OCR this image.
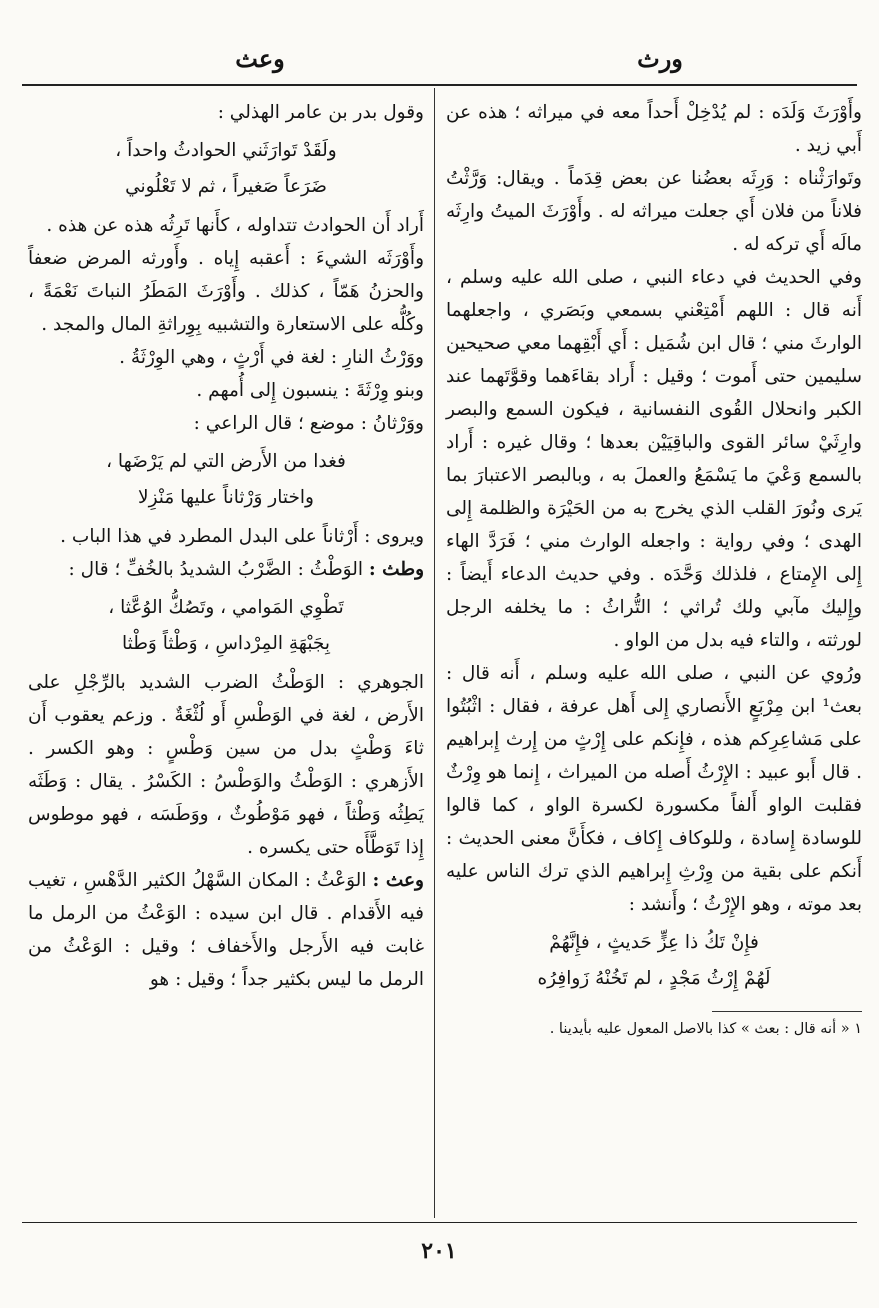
ورث
وعث

وأَوْرَثَ وَلَدَه : لم يُدْخِلْ أَحداً معه في ميراثه ؛ هذه عن أَبي زيد .

وتَوارَثْناه : وَرِثَه بعضُنا عن بعض قِدَماً . ويقال: وَرَّثْتُ فلاناً من فلان أَي جعلت ميراثه له . وأَوْرَثَ الميتُ وارِثَه مالَه أَي تركه له .

وفي الحديث في دعاء النبي ، صلى الله عليه وسلم ، أَنه قال : اللهم أَمْتِعْني بسمعي وبَصَري ، واجعلهما الوارثَ مني ؛ قال ابن شُمَيل : أَي أَبْقِهما معي صحيحين سليمين حتى أَموت ؛ وقيل : أَراد بقاءَهما وقوَّتَهما عند الكبر وانحلال القُوى النفسانية ، فيكون السمع والبصر وارِثَيْ سائر القوى والباقِيَيْن بعدها ؛ وقال غيره : أَراد بالسمع وَعْيَ ما يَسْمَعُ والعملَ به ، وبالبصر الاعتبارَ بما يَرى ونُورَ القلب الذي يخرج به من الحَيْرَة والظلمة إِلى الهدى ؛ وفي رواية : واجعله الوارث مني ؛ فَرَدَّ الهاء إِلى الإِمتاع ، فلذلك وَحَّدَه . وفي حديث الدعاء أَيضاً : وإِليك مآبي ولك تُراثي ؛ التُّراثُ : ما يخلفه الرجل لورثته ، والتاء فيه بدل من الواو .

ورُوي عن النبي ، صلى الله عليه وسلم ، أَنه قال : بعث¹ ابن مِرْبَعٍ الأَنصاري إِلى أَهل عرفة ، فقال : اثْبُتُوا على مَشاعِرِكم هذه ، فإِنكم على إِرْثٍ من إِرث إِبراهيم . قال أَبو عبيد : الإِرْثُ أَصله من الميراث ، إِنما هو وِرْثٌ فقلبت الواو أَلفاً مكسورة لكسرة الواو ، كما قالوا للوسادة إِسادة ، وللوكاف إِكاف ، فكأَنَّ معنى الحديث : أَنكم على بقية من وِرْثِ إِبراهيم الذي ترك الناس عليه بعد موته ، وهو الإِرْثُ ؛ وأَنشد :

فإِنْ تَكُ ذا عِزٍّ حَديثٍ ، فإِنَّهُمْ
لَهُمْ إِرْثُ مَجْدٍ ، لم تَخُنْهُ زَوافِرُه

١ « أنه قال : بعث » كذا بالاصل المعول عليه بأيدينا .

وقول بدر بن عامر الهذلي :

ولَقَدْ تَوارَثَني الحوادثُ واحداً ،
ضَرَعاً صَغيراً ، ثم لا تَعْلُوني

أَراد أَن الحوادث تتداوله ، كأَنها تَرِثُه هذه عن هذه .

وأَوْرَثَه الشيءَ : أَعقبه إِياه . وأَورثه المرض ضعفاً والحزنُ هَمّاً ، كذلك . وأَوْرَثَ المَطَرُ النباتَ نَعْمَةً ، وكُلُّه على الاستعارة والتشبيه بِوِراثةِ المال والمجد .

ووَرْثُ النارِ : لغة في أَرْثٍ ، وهي الوِرْثَةُ .

وبنو وِرْثَةَ : ينسبون إِلى أُمهم .

ووَرْثانُ : موضع ؛ قال الراعي :

فغدا من الأَرض التي لم يَرْضَها ،
واختار وَرْثاناً عليها مَنْزِلا

ويروى : أَرْثاناً على البدل المطرد في هذا الباب .

وطث : الوَطْثُ : الضَّرْبُ الشديدُ بالخُفِّ ؛ قال :

تَطْوِي المَوامي ، وتَصُكُّ الوُعَّثا ،
بِجَبْهَةِ المِرْداسِ ، وَطْثاً وَطْثا

الجوهري : الوَطْثُ الضرب الشديد بالرِّجْلِ على الأَرض ، لغة في الوَطْسِ أَو لُثْغَةٌ . وزعم يعقوب أَن ثاءَ وَطْثٍ بدل من سين وَطْسٍ : وهو الكسر . الأَزهري : الوَطْثُ والوَطْسُ : الكَسْرُ . يقال : وَطَثَه يَطِثُه وَطْثاً ، فهو مَوْطُوثٌ ، ووَطَسَه ، فهو موطوس إِذا تَوَطَّأَه حتى يكسره .

وعث : الوَعْثُ : المكان السَّهْلُ الكثير الدَّهْسِ ، تغيب فيه الأَقدام . قال ابن سيده : الوَعْثُ من الرمل ما غابت فيه الأَرجل والأَخفاف ؛ وقيل : الوَعْثُ من الرمل ما ليس بكثير جداً ؛ وقيل : هو

٢٠١
